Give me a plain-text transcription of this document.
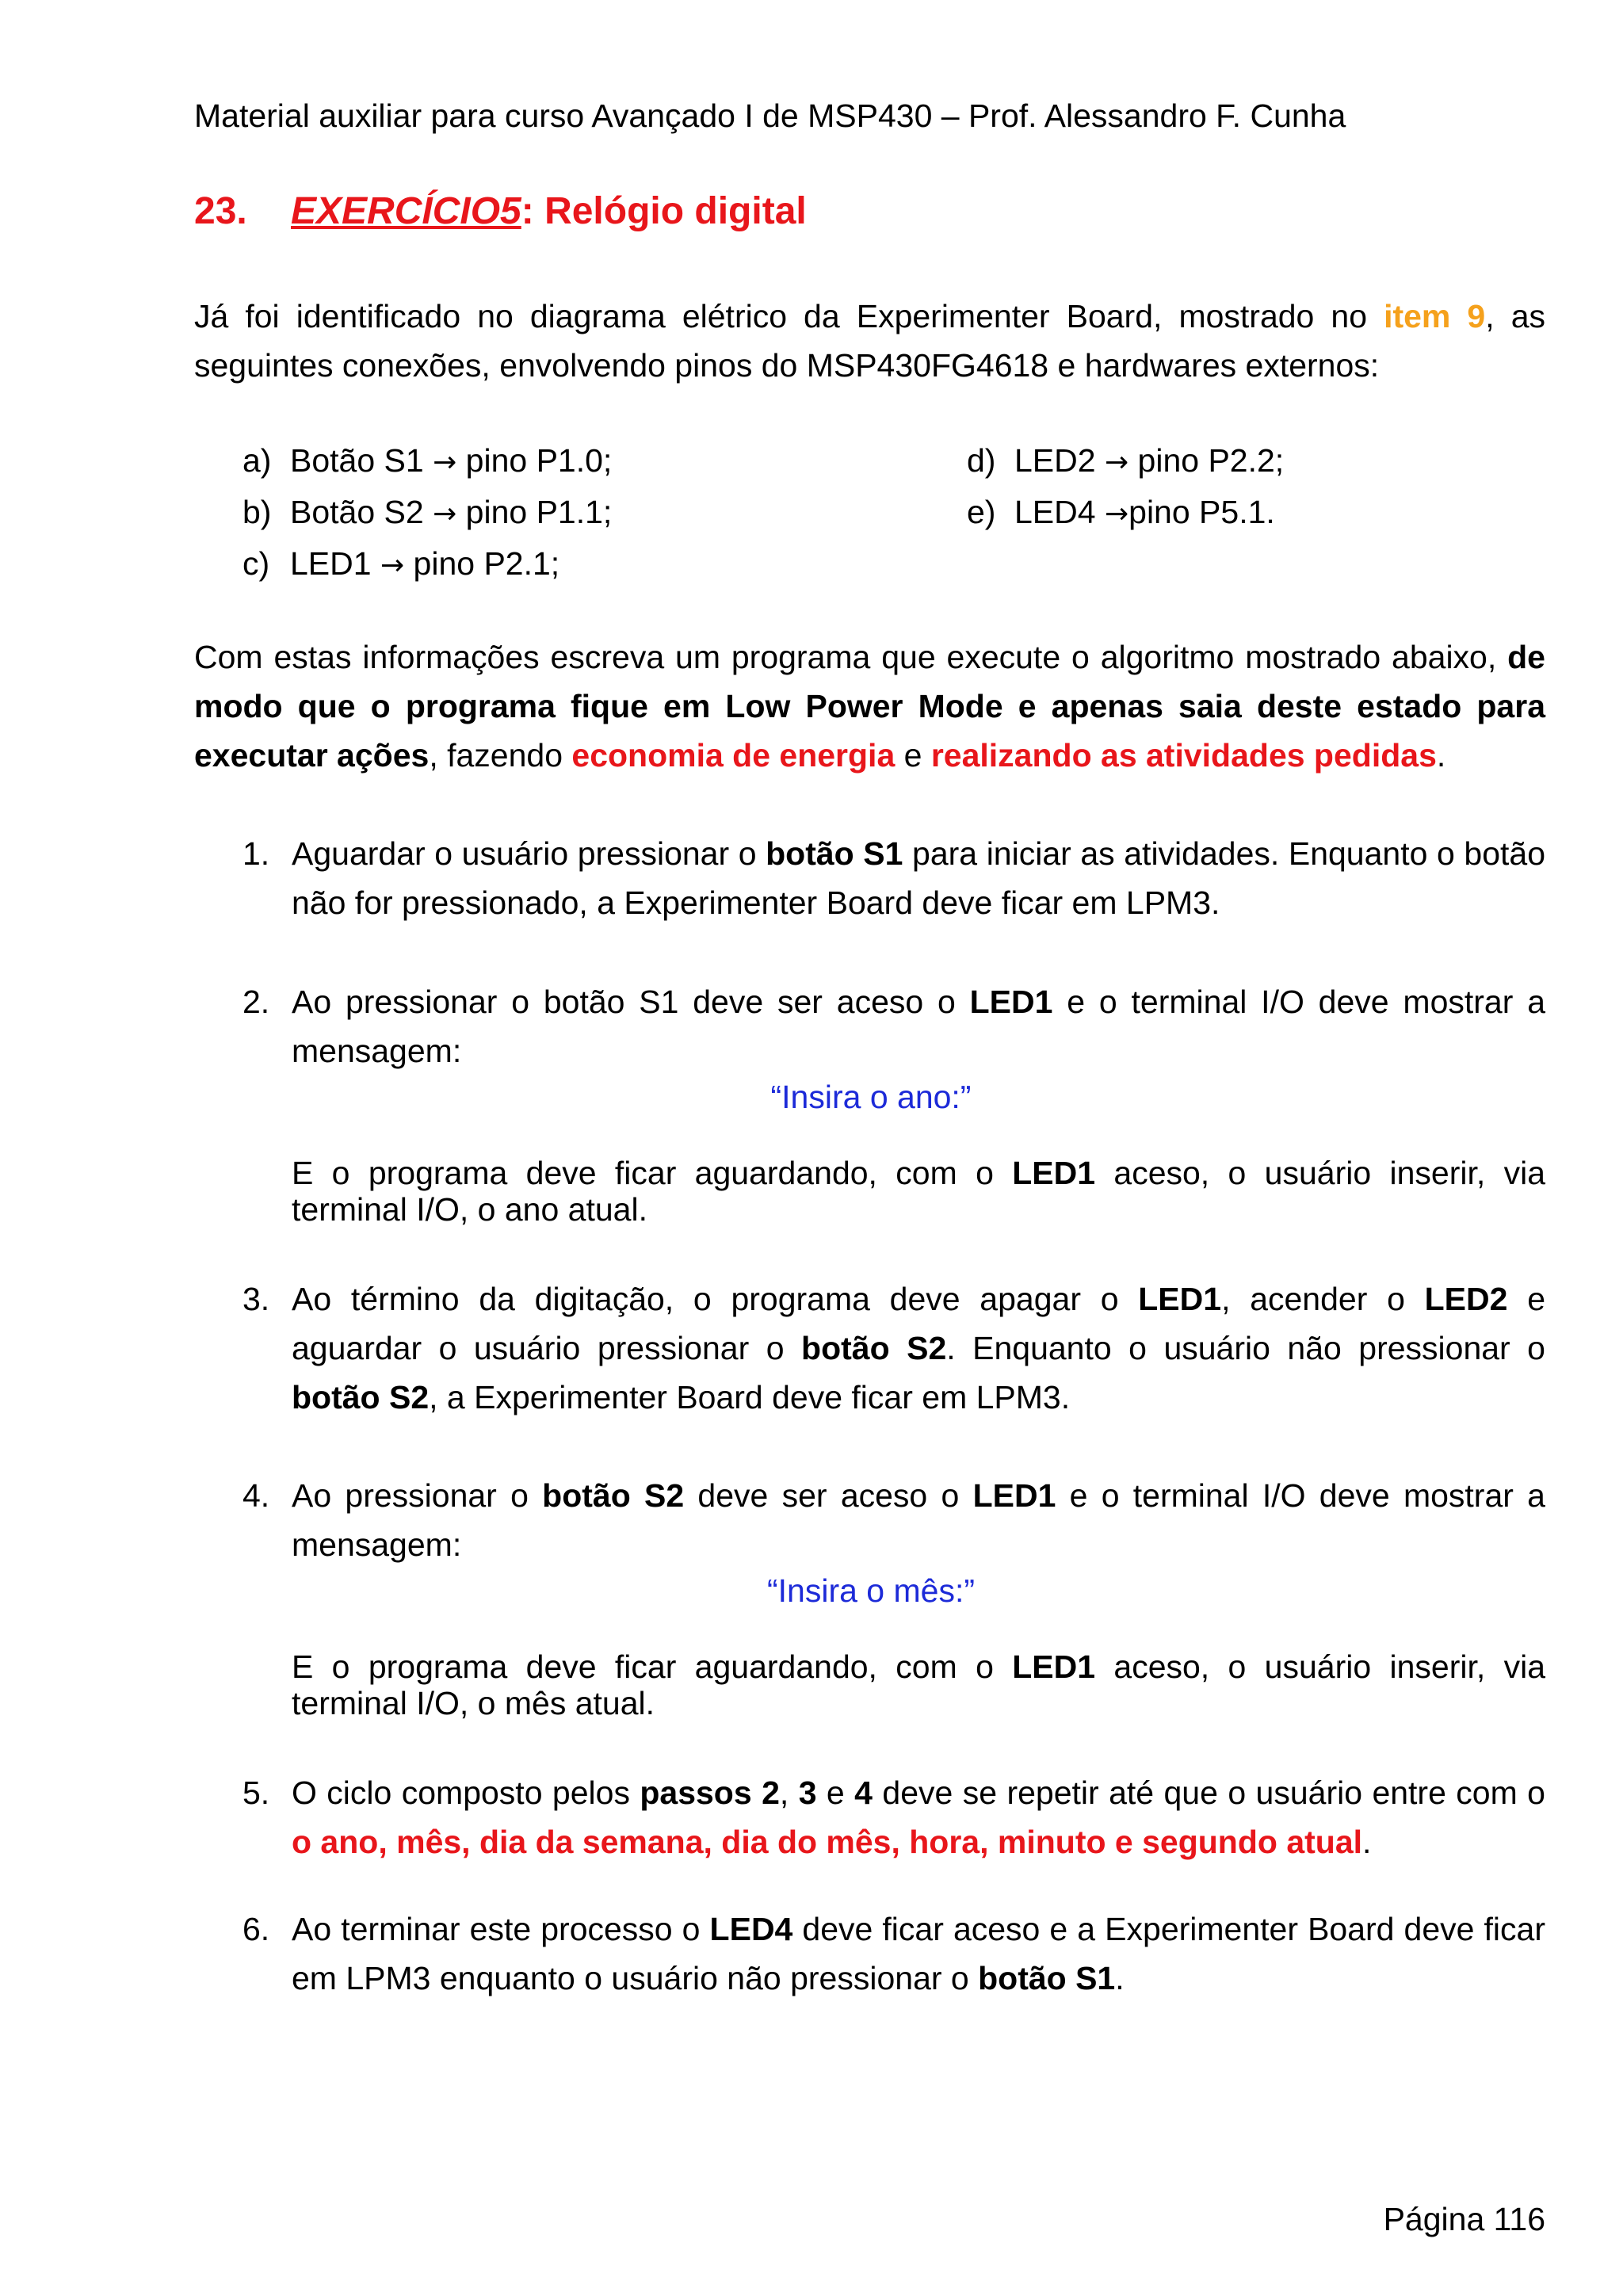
Material auxiliar para curso Avançado I de MSP430 – Prof. Alessandro F. Cunha
23. EXERCÍCIO5: Relógio digital
Já foi identificado no diagrama elétrico da Experimenter Board, mostrado no item 9, as seguintes conexões, envolvendo pinos do MSP430FG4618 e hardwares externos:
a) Botão S1 → pino P1.0;
b) Botão S2 → pino P1.1;
c) LED1 → pino P2.1;
d) LED2 → pino P2.2;
e) LED4 →pino P5.1.
Com estas informações escreva um programa que execute o algoritmo mostrado abaixo, de modo que o programa fique em Low Power Mode e apenas saia deste estado para executar ações, fazendo economia de energia e realizando as atividades pedidas.
1. Aguardar o usuário pressionar o botão S1 para iniciar as atividades. Enquanto o botão não for pressionado, a Experimenter Board deve ficar em LPM3.
2. Ao pressionar o botão S1 deve ser aceso o LED1 e o terminal I/O deve mostrar a mensagem:
“Insira o ano:”
E o programa deve ficar aguardando, com o LED1 aceso, o usuário inserir, via terminal I/O, o ano atual.
3. Ao término da digitação, o programa deve apagar o LED1, acender o LED2 e aguardar o usuário pressionar o botão S2. Enquanto o usuário não pressionar o botão S2, a Experimenter Board deve ficar em LPM3.
4. Ao pressionar o botão S2 deve ser aceso o LED1 e o terminal I/O deve mostrar a mensagem:
“Insira o mês:”
E o programa deve ficar aguardando, com o LED1 aceso, o usuário inserir, via terminal I/O, o mês atual.
5. O ciclo composto pelos passos 2, 3 e 4 deve se repetir até que o usuário entre com o o ano, mês, dia da semana, dia do mês, hora, minuto e segundo atual.
6. Ao terminar este processo o LED4 deve ficar aceso e a Experimenter Board deve ficar em LPM3 enquanto o usuário não pressionar o botão S1.
Página 116
